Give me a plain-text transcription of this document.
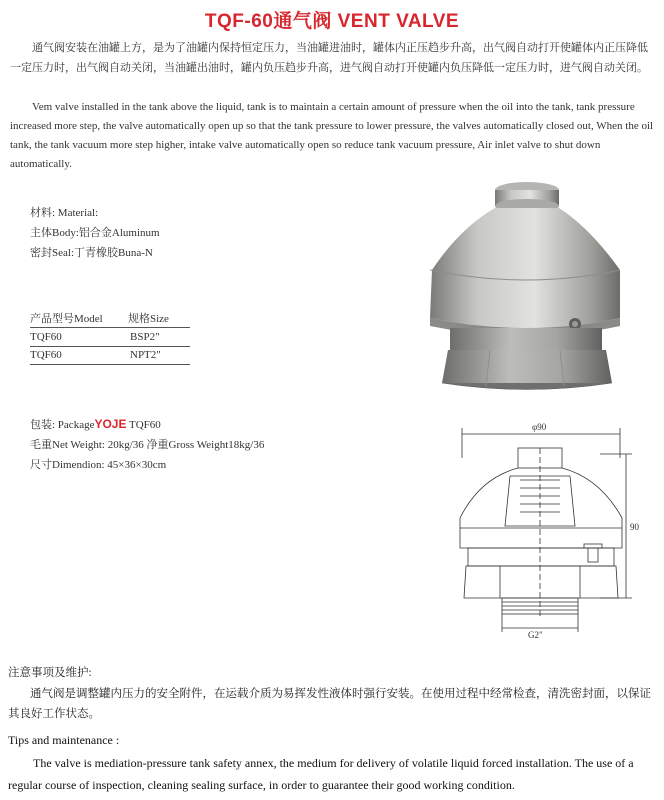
TQF-60通气阀 VENT VALVE
通气阀安装在油罐上方，是为了油罐内保持恒定压力，当油罐进油时，罐体内正压趋步升高，出气阀自动打开使罐体内正压降低一定压力时，出气阀自动关闭，当油罐出油时，罐内负压趋步升高，进气阀自动打开使罐内负压降低一定压力时，进气阀自动关闭。
Vem valve installed in the tank above the liquid, tank is to maintain a certain amount of pressure when the oil into the tank, tank pressure increased more step, the valve automatically open up so that the tank pressure to lower pressure, the valves automatically closed out, When the oil tank, the tank vacuum more step higher, intake valve automatically open so reduce tank vacuum pressure, Air inlet valve to shut down automatically.
材料: Material:
主体Body:铝合金Aluminum
密封Seal:丁青橡胶Buna-N
产品型号Model 规格Size
TQF60	BSP2"
TQF60	NPT2"
包装: PackageYOJE TQF60
毛重Net Weight: 20kg/36 净重Gross Weight18kg/36
尺寸Dimendion: 45×36×30cm
φ90
90
G2"
注意事项及维护:
通气阀是调整罐内压力的安全附件，在运载介质为易挥发性液体时强行安装。在使用过程中经常检查，清洗密封面，以保证其良好工作状态。
Tips and maintenance :
The valve is mediation-pressure tank safety annex, the medium for delivery of volatile liquid forced installation. The use of a regular course of inspection, cleaning sealing surface, in order to guarantee their good working condition.
